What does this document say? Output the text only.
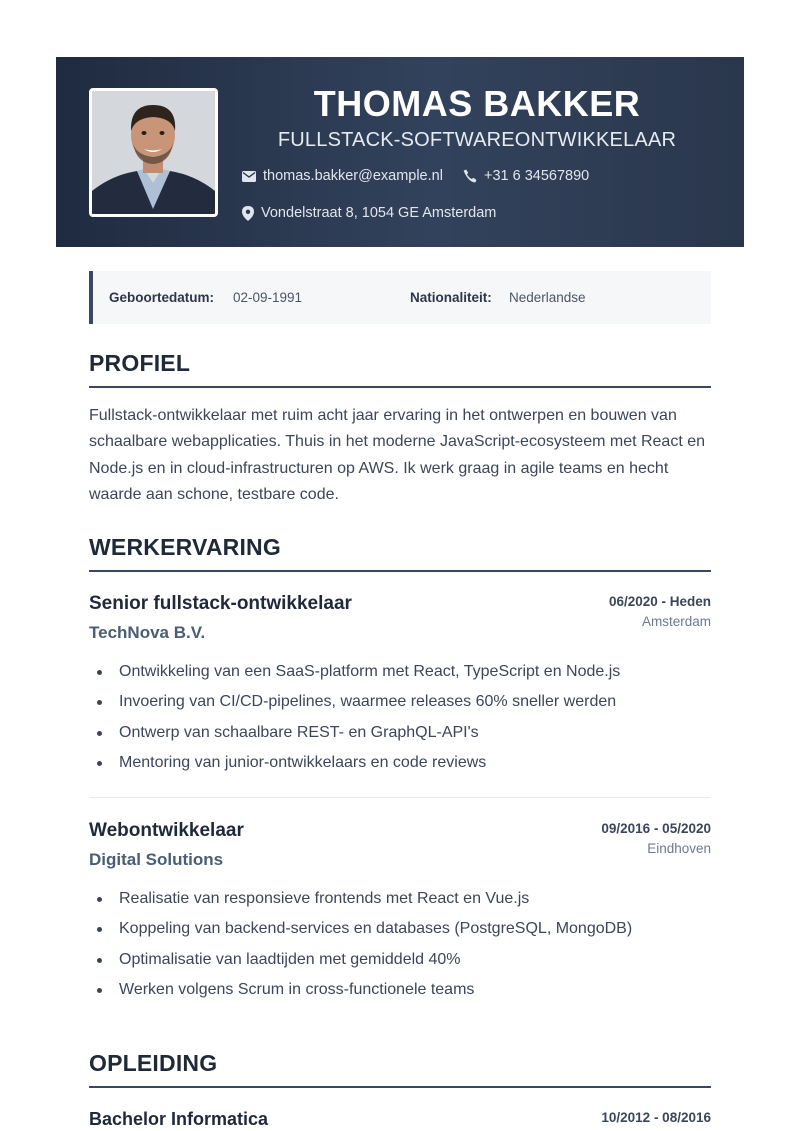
THOMAS BAKKER
FULLSTACK-SOFTWAREONTWIKKELAAR
thomas.bakker@example.nl	+31 6 34567890
Vondelstraat 8, 1054 GE Amsterdam
Geboortedatum: 02-09-1991	Nationaliteit: Nederlandse
PROFIEL

Fullstack-ontwikkelaar met ruim acht jaar ervaring in het ontwerpen en bouwen van schaalbare webapplicaties. Thuis in het moderne JavaScript-ecosysteem met React en Node.js en in cloud-infrastructuren op AWS. Ik werk graag in agile teams en hecht waarde aan schone, testbare code.

WERKERVARING
Senior fullstack-ontwikkelaar	06/2020 - Heden
Amsterdam
TechNova B.V.
Ontwikkeling van een SaaS-platform met React, TypeScript en Node.js
Invoering van CI/CD-pipelines, waarmee releases 60% sneller werden
Ontwerp van schaalbare REST- en GraphQL-API's
Mentoring van junior-ontwikkelaars en code reviews
Webontwikkelaar	09/2016 - 05/2020
Eindhoven
Digital Solutions
Realisatie van responsieve frontends met React en Vue.js
Koppeling van backend-services en databases (PostgreSQL, MongoDB)
Optimalisatie van laadtijden met gemiddeld 40%
Werken volgens Scrum in cross-functionele teams
OPLEIDING
Bachelor Informatica	10/2012 - 08/2016
